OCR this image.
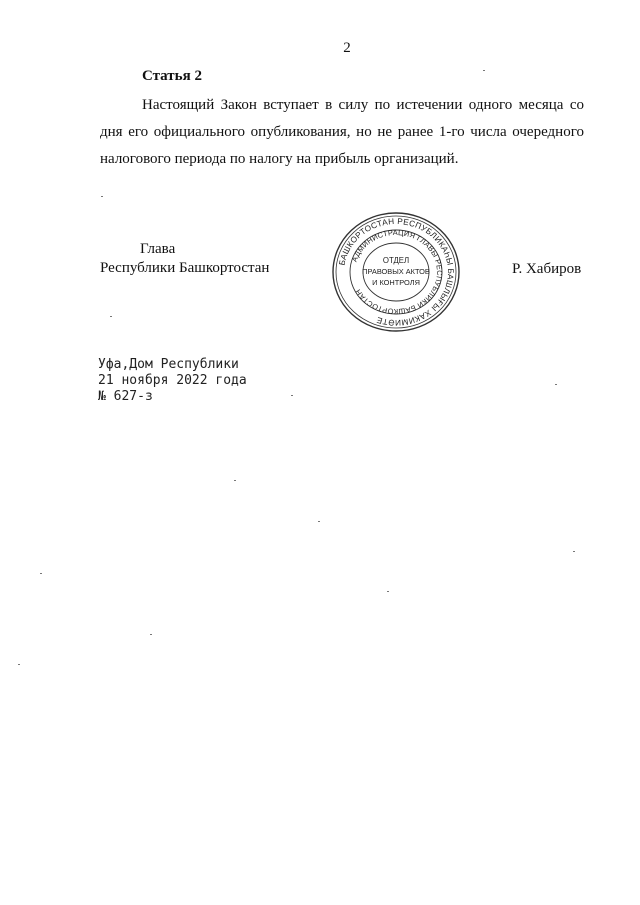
2
Статья 2
Настоящий Закон вступает в силу по истечении одного месяца со дня его официального опубликования, но не ранее 1-го числа очередного налогового периода по налогу на прибыль организаций.
Глава
Республики Башкортостан	БАШКОРТОСТАН РЕСПУБЛИКАҺЫ БАШЛЫҒЫ ХАКИМИӘТЕ
АДМИНИСТРАЦИЯ ГЛАВЫ РЕСПУБЛИКИ БАШКОРТОСТАН
ОТДЕЛ
ПРАВОВЫХ АКТОВ
И КОНТРОЛЯ
Р. Хабиров
Уфа,Дом Республики
21 ноября 2022 года
№ 627-з
